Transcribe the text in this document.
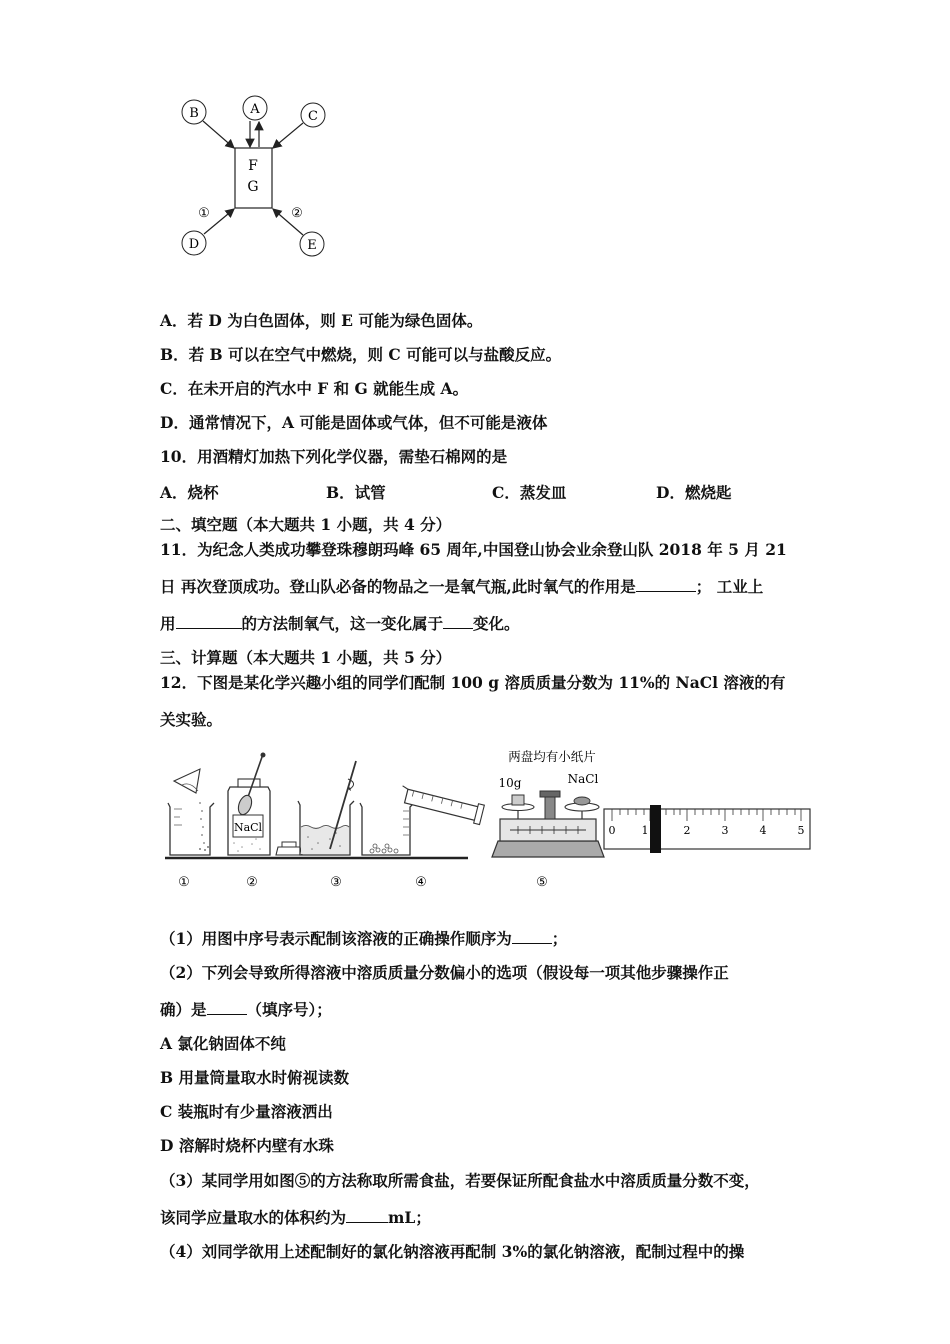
F
G
B	A	C
D	E
①	②
A．若 D 为白色固体，则 E 可能为绿色固体。
B．若 B 可以在空气中燃烧，则 C 可能可以与盐酸反应。
C．在未开启的汽水中 F 和 G 就能生成 A。
D．通常情况下，A 可能是固体或气体，但不可能是液体
10．用酒精灯加热下列化学仪器，需垫石棉网的是
A．烧杯	B．试管	C．蒸发皿	D．燃烧匙
二、填空题（本大题共 1 小题，共 4 分）
11．为纪念人类成功攀登珠穆朗玛峰 65 周年,中国登山协会业余登山队 2018 年 5 月 21
日 再次登顶成功。登山队必备的物品之一是氧气瓶,此时氧气的作用是	； 工业上
用	的方法制氧气，这一变化属于 变化。
三、计算题（本大题共 1 小题，共 5 分）
12．下图是某化学兴趣小组的同学们配制 100 g 溶质质量分数为 11%的 NaCl 溶液的有
关实验。
NaCl
两盘均有小纸片
10g	NaCl
0 1	2	3	4	5
①	②	③	④	⑤
（1）用图中序号表示配制该溶液的正确操作顺序为	；
（2）下列会导致所得溶液中溶质质量分数偏小的选项（假设每一项其他步骤操作正
确）是	（填序号）；
A 氯化钠固体不纯
B 用量筒量取水时俯视读数
C 装瓶时有少量溶液洒出
D 溶解时烧杯内壁有水珠
（3）某同学用如图⑤的方法称取所需食盐，若要保证所配食盐水中溶质质量分数不变，
该同学应量取水的体积约为	mL；
（4）刘同学欲用上述配制好的氯化钠溶液再配制 3%的氯化钠溶液，配制过程中的操
